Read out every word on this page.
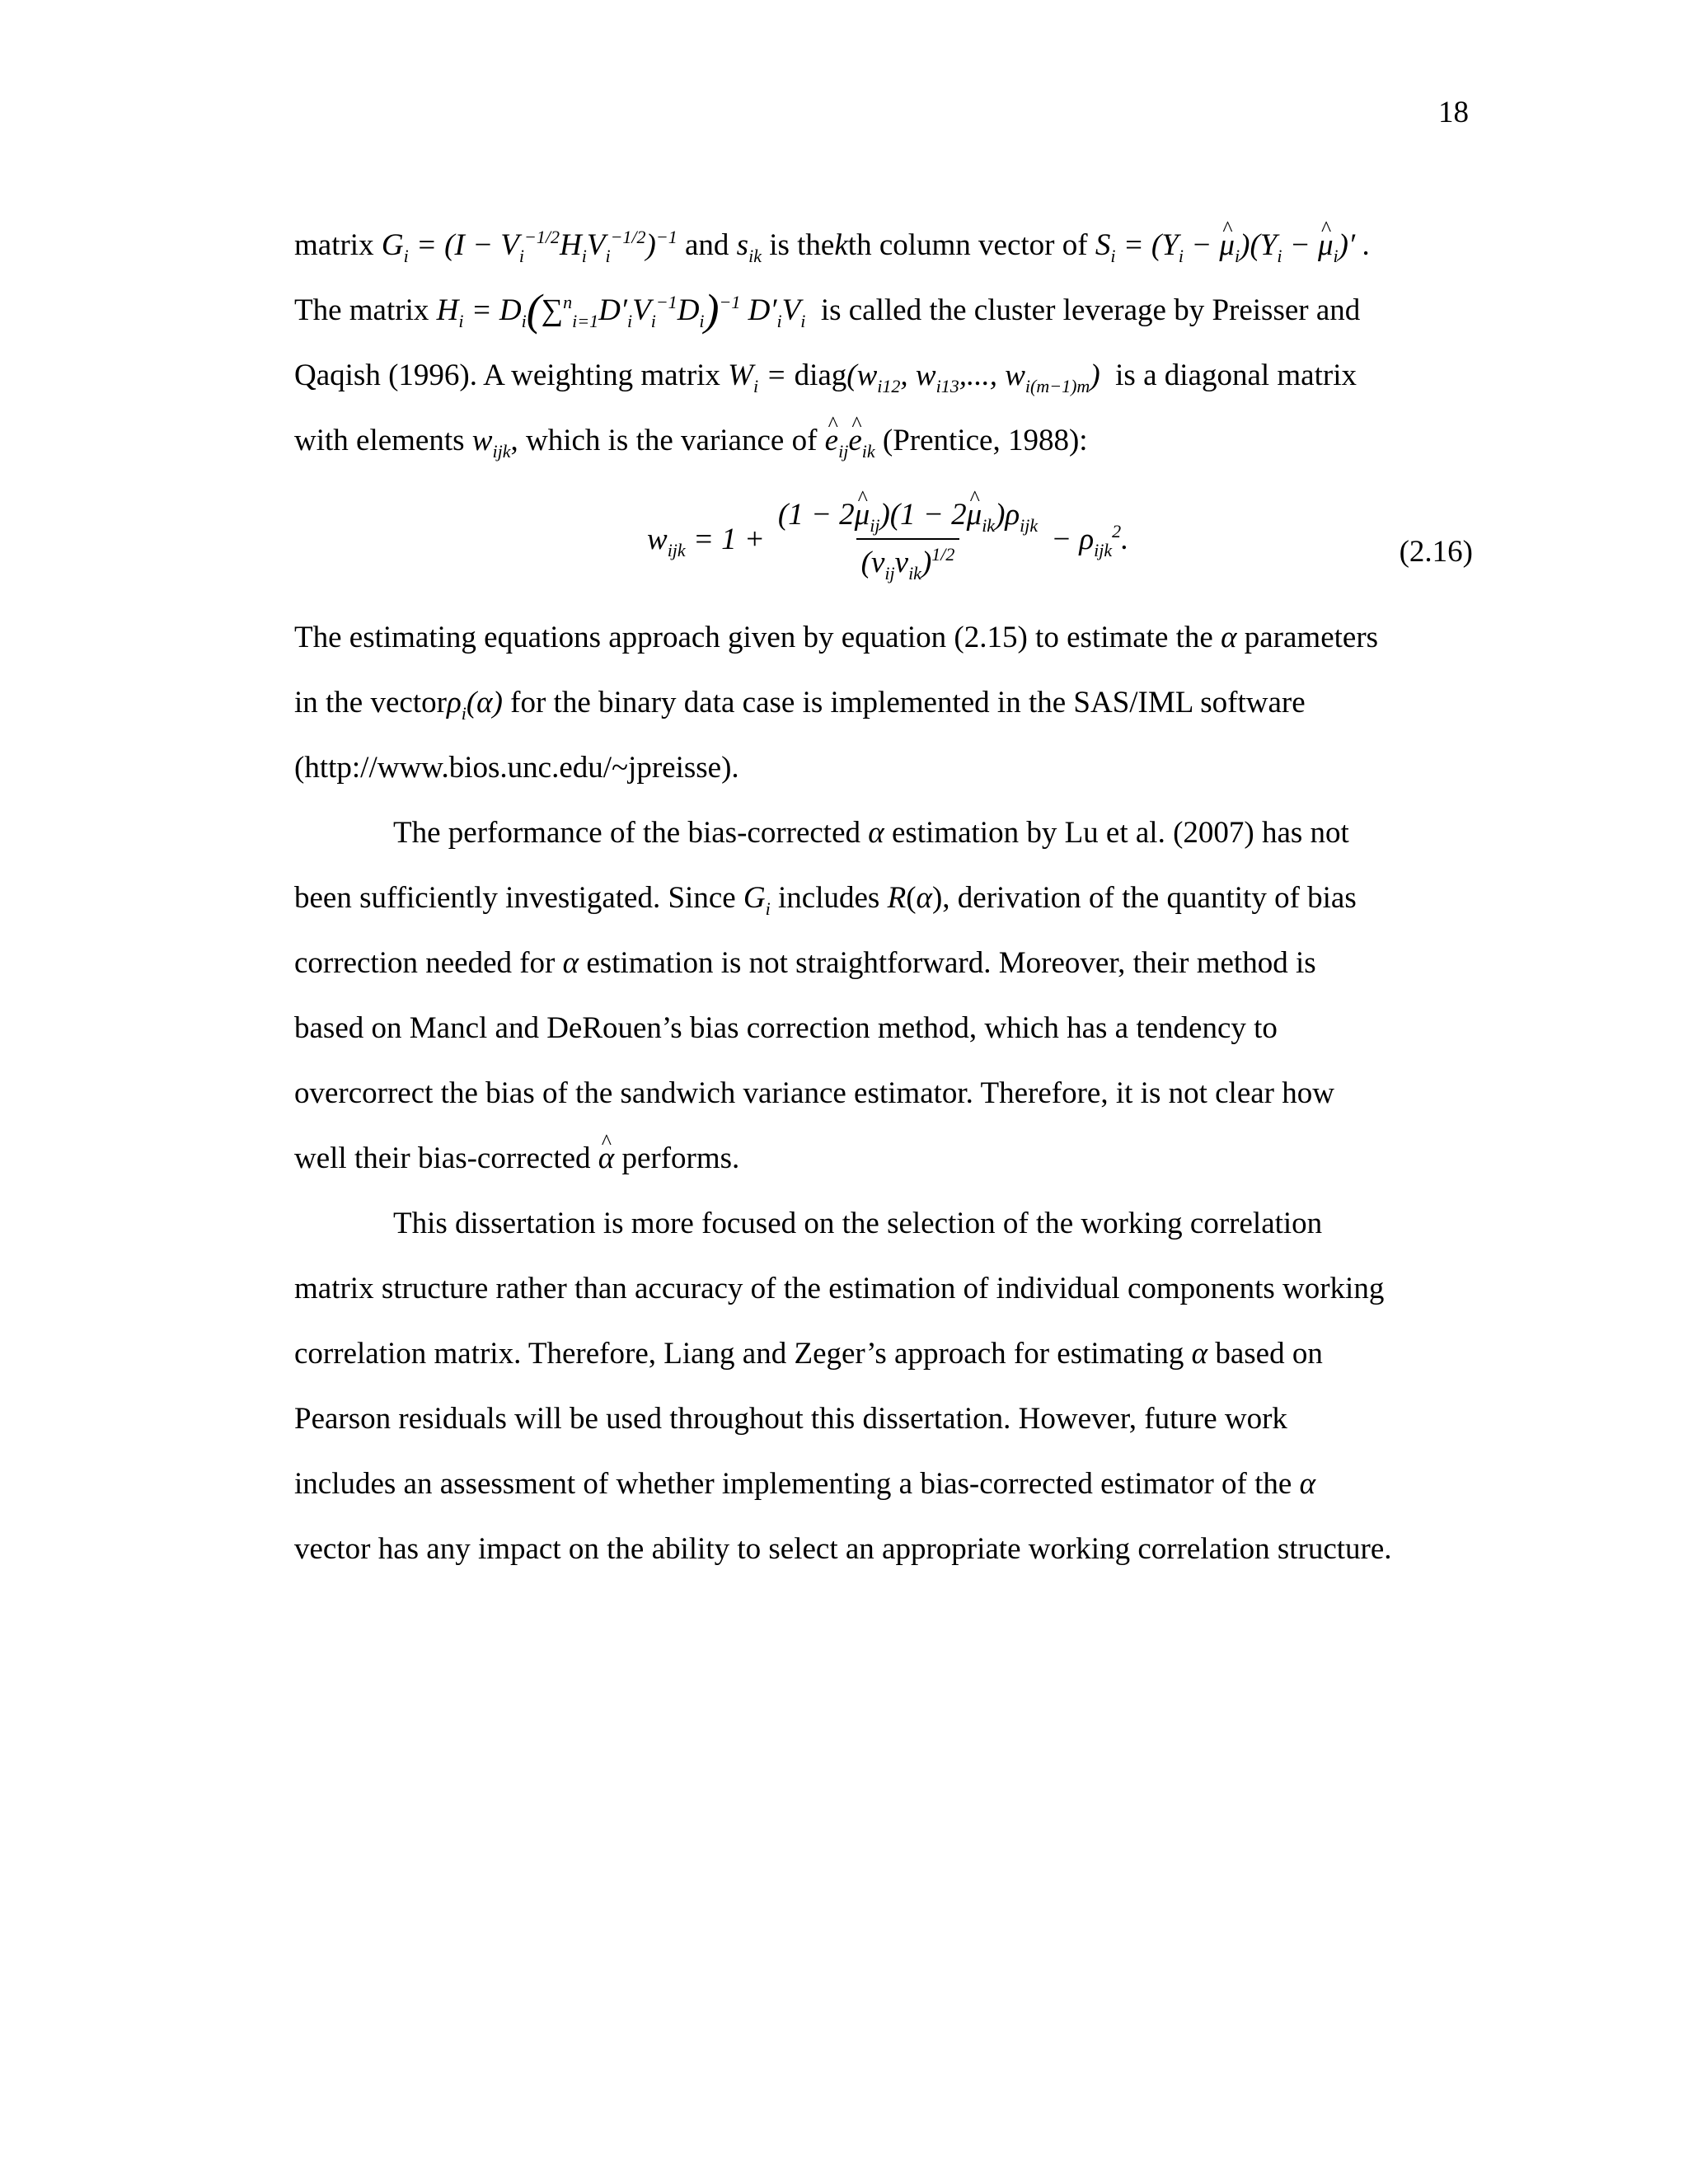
18
matrix $G_i = (I - V_i^{-1/2}H_iV_i^{-1/2})^{-1}$ and $s_{ik}$ is thekth column vector of $S_i = (Y_i$ − ^ $\mu_i)(Y_i$ − ^ $\mu_i)'$ .
The matrix $H_i = D_i(\sum^n_{i=1}D'_iV_i^{-1}D_i)^{-1}$ $D'_iV_i$ is called the cluster leverage by Preisser and
Qaqish (1996). A weighting matrix $W_i$ = $diag(w_{i12}$, $w_{i13}$,..., $w_{i(m-1)m}$) is a diagonal matrix
with elements $w_{ijk}$, which is the variance of ^ $e_{ij}\^{}$ $e_{ik}$ (Prentice, 1988):
$w_{ijk} = 1 + \frac{(1 - 2\^{} \mu_{ij})(1 - 2\^{} \mu_{ik})\rho_{ijk}}{(v_{ij}v_{ik})^{1/2}} - \rho_{ijk}^2$.	(2.16)
The estimating equations approach given by equation (2.15) to estimate the α parameters
in the vectorρ$_i$(α) for the binary data case is implemented in the SAS/IML software
(http://www.bios.unc.edu/~jpreisse).
The performance of the bias-corrected α estimation by Lu et al. (2007) has not
been sufficiently investigated. Since $G_i$ includes R(α), derivation of the quantity of bias
correction needed for α estimation is not straightforward. Moreover, their method is
based on Mancl and DeRouen’s bias correction method, which has a tendency to
overcorrect the bias of the sandwich variance estimator. Therefore, it is not clear how
well their bias-corrected ^ α performs.
This dissertation is more focused on the selection of the working correlation
matrix structure rather than accuracy of the estimation of individual components working
correlation matrix. Therefore, Liang and Zeger’s approach for estimating α based on
Pearson residuals will be used throughout this dissertation. However, future work
includes an assessment of whether implementing a bias-corrected estimator of the α
vector has any impact on the ability to select an appropriate working correlation structure.
